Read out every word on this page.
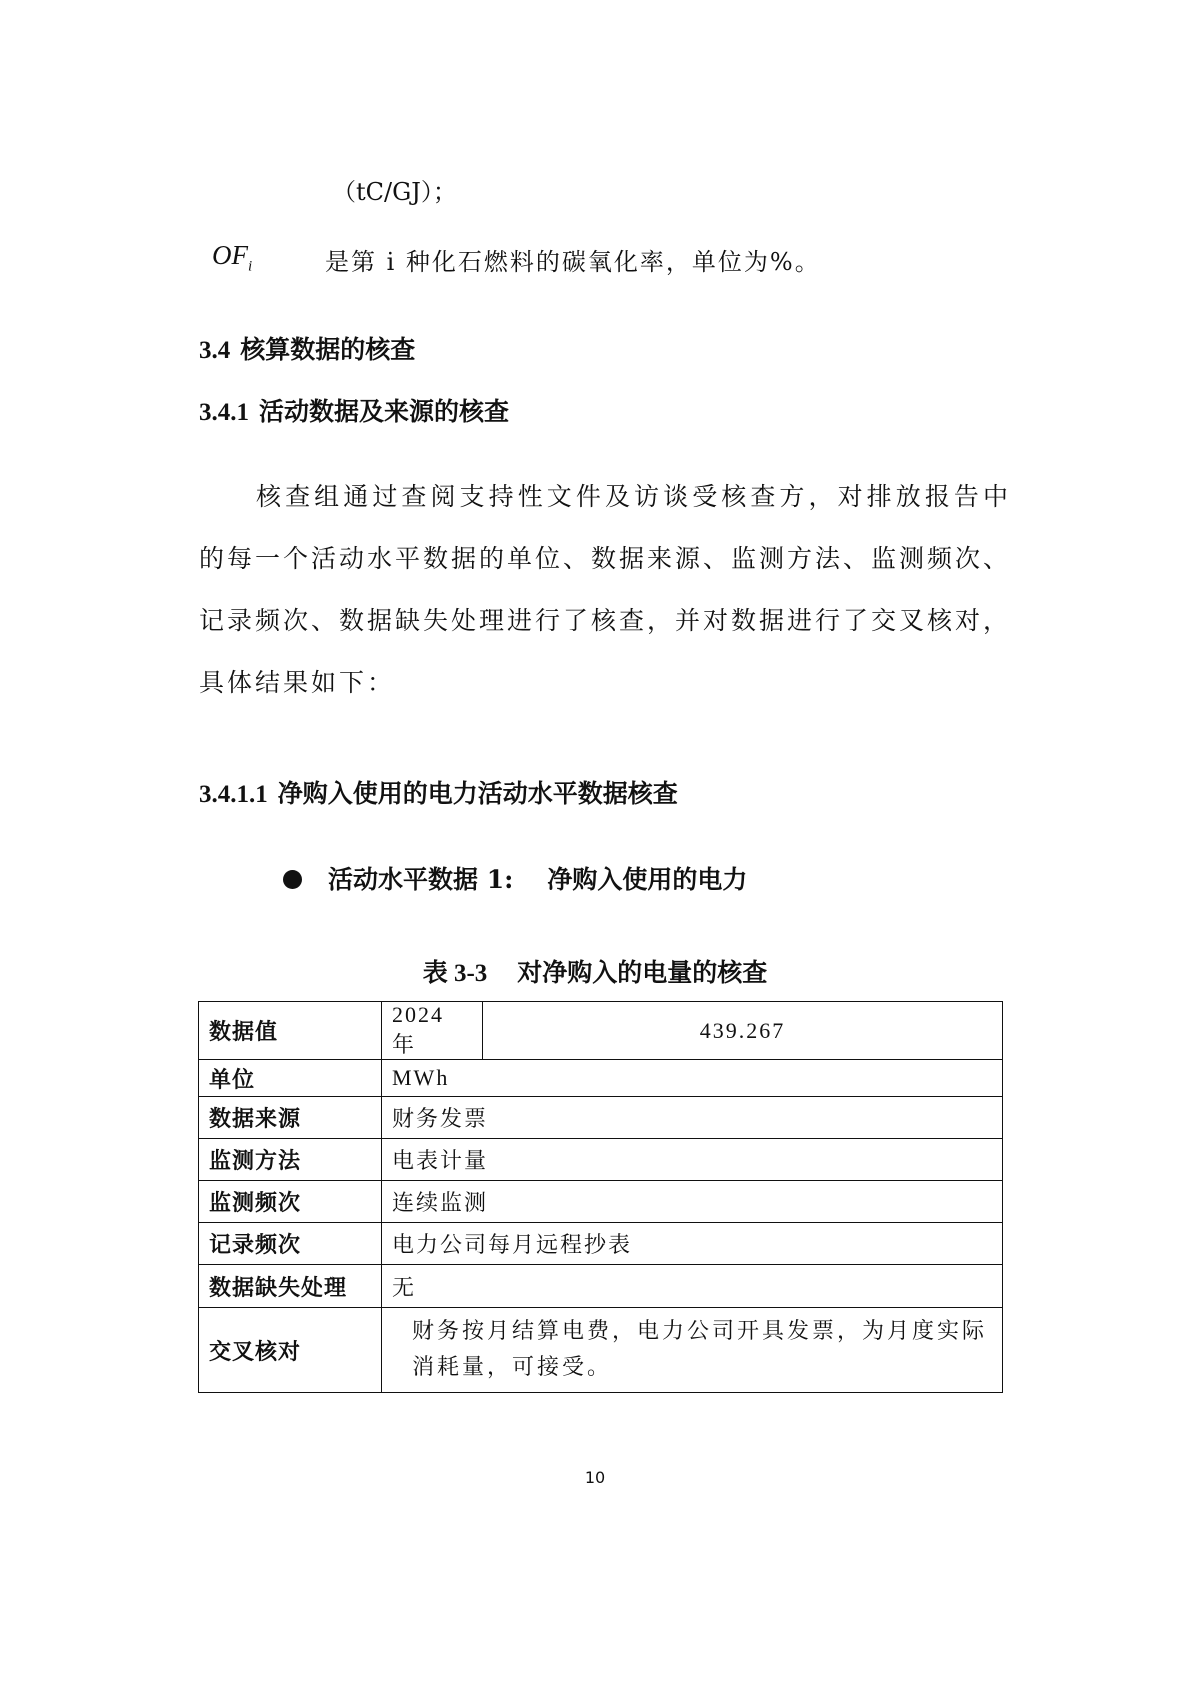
（tC/GJ）；

$OF_i$	是第 i 种化石燃料的碳氧化率，单位为%。
3.4 核算数据的核查
3.4.1 活动数据及来源的核查

核查组通过查阅支持性文件及访谈受核查方，对排放报告中的每一个活动水平数据的单位、数据来源、监测方法、监测频次、记录频次、数据缺失处理进行了核查，并对数据进行了交叉核对，具体结果如下：

3.4.1.1 净购入使用的电力活动水平数据核查
活动水平数据 1: 净购入使用的电力
表 3-3 对净购入的电量的核查
数据值	2024 年	439.267
单位	MWh	
数据来源	财务发票	
监测方法	电表计量	
监测频次	连续监测	
记录频次	电力公司每月远程抄表	
数据缺失处理	无	
交叉核对	财务按月结算电费，电力公司开具发票，为月度实际消耗量，可接受。	
10
